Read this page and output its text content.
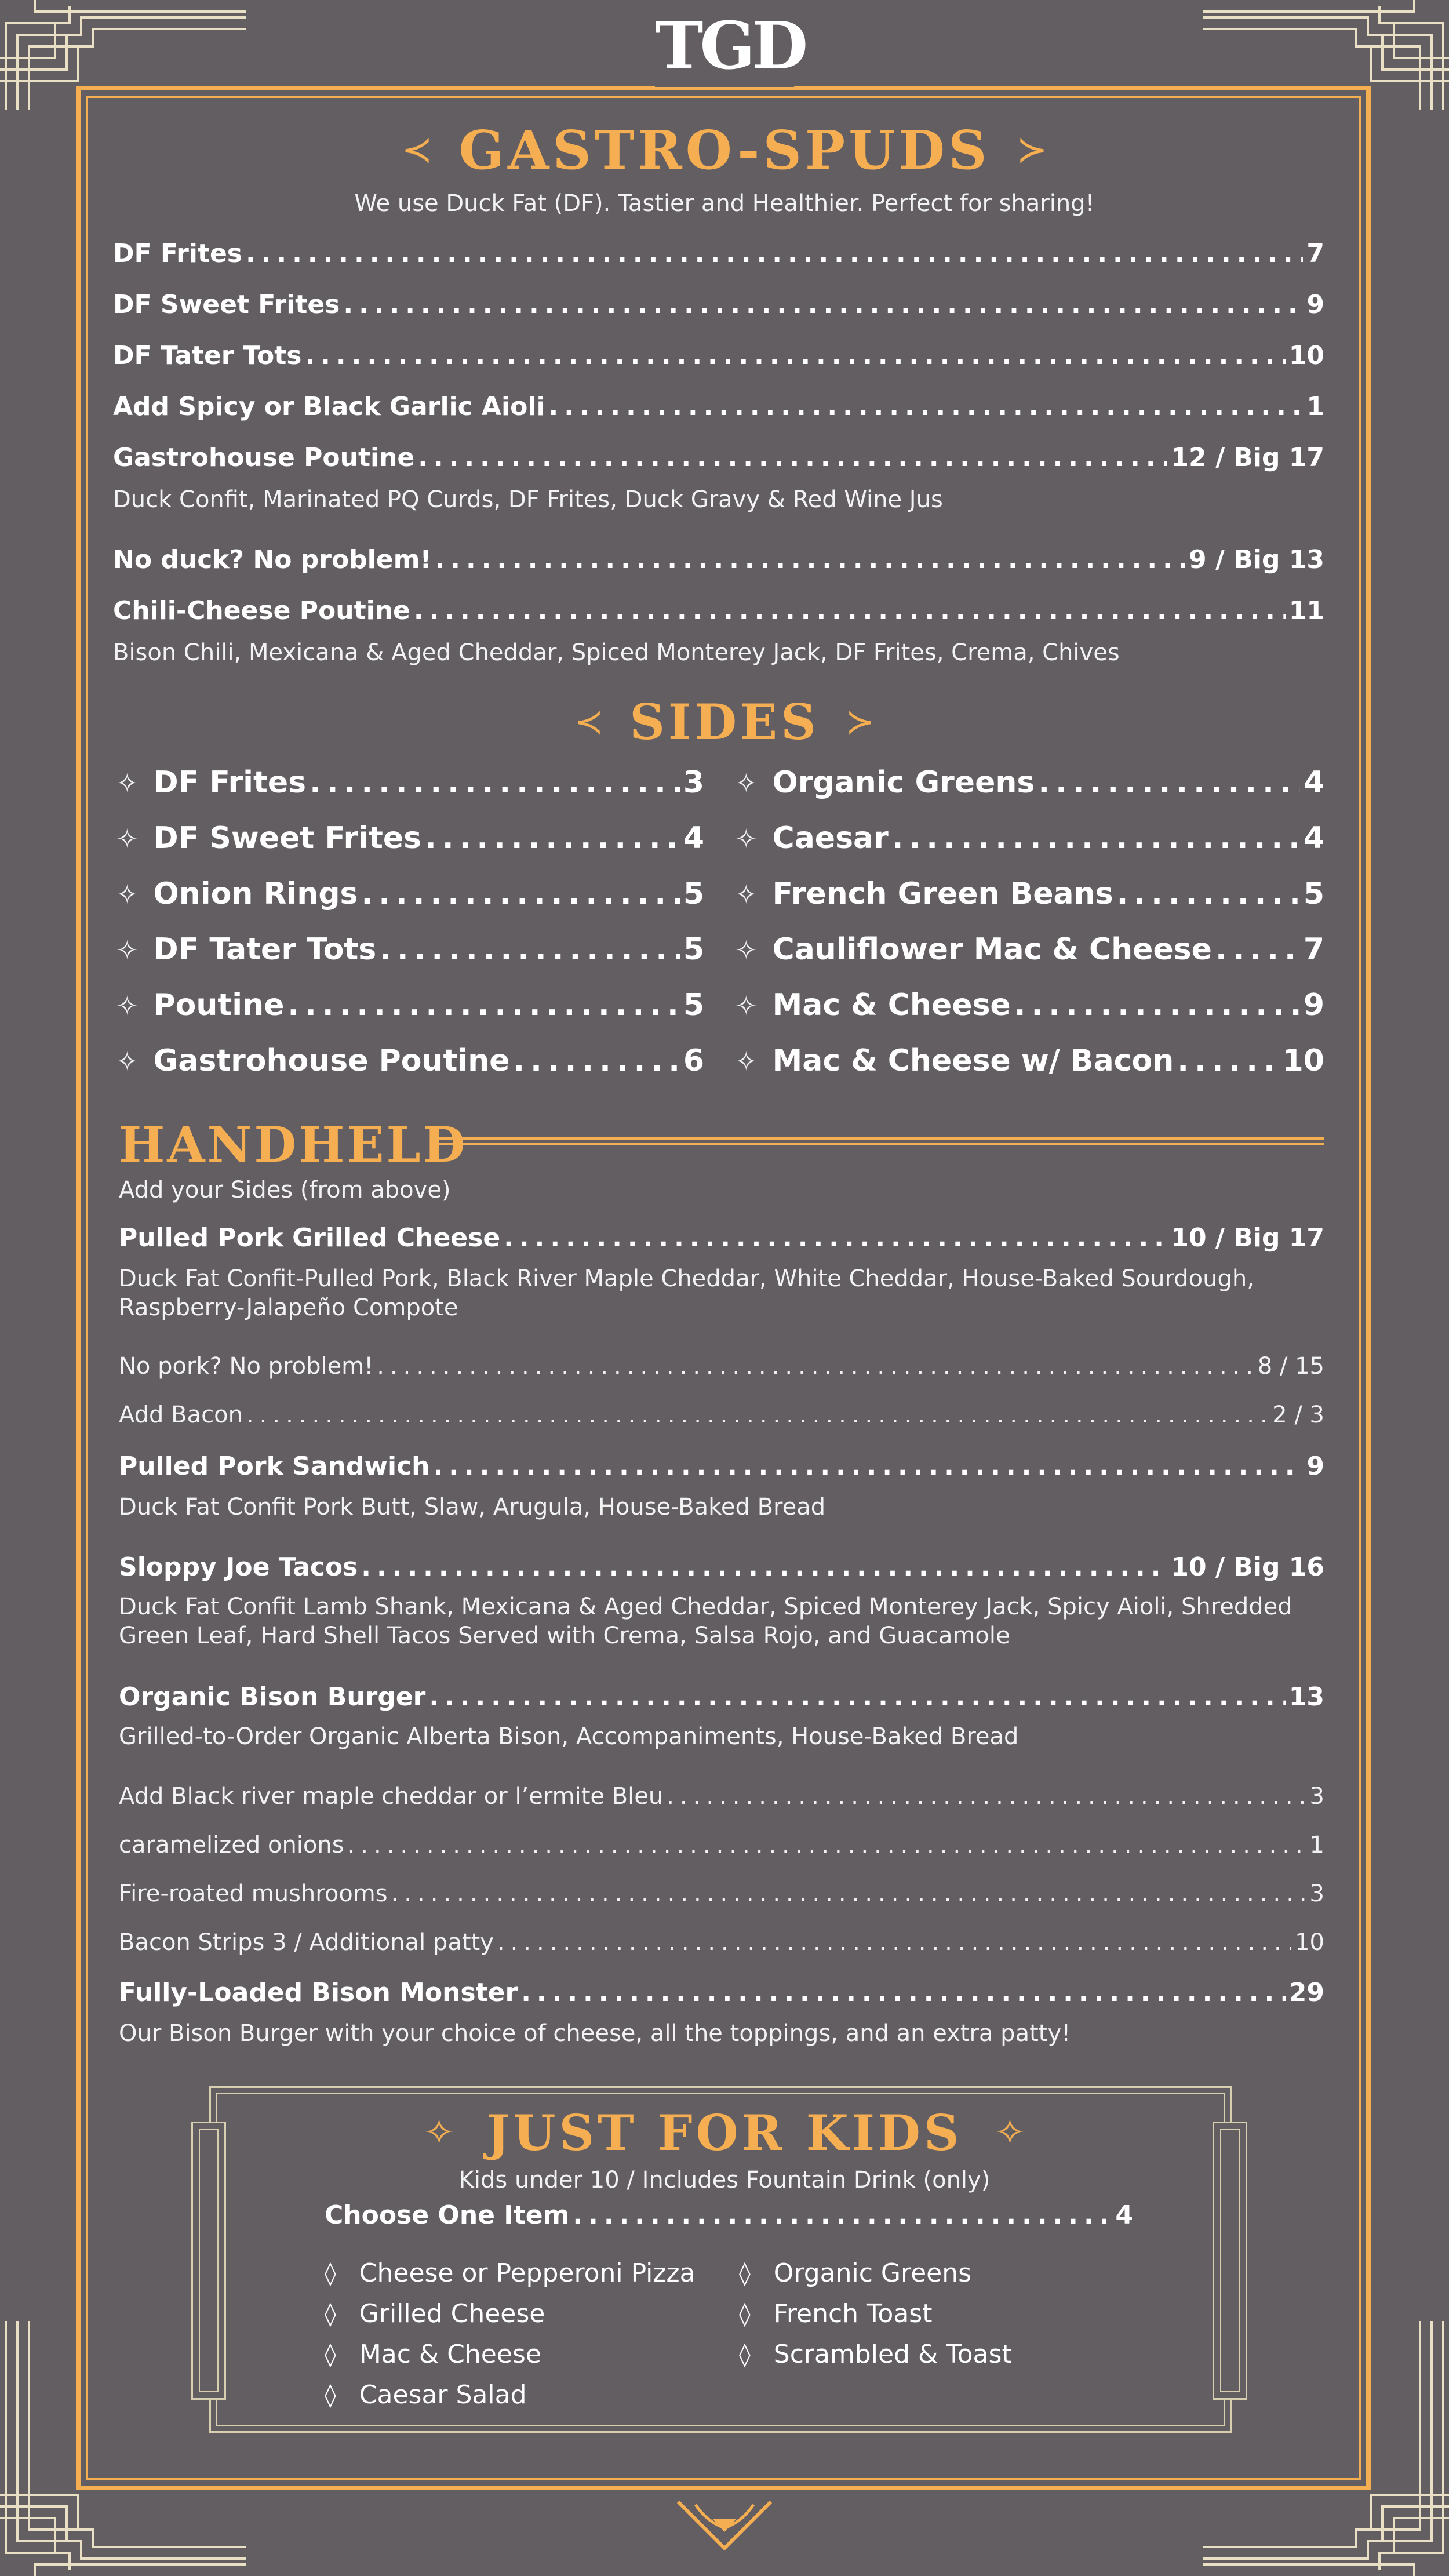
TGD
≺ GASTRO-SPUDS ≻
We use Duck Fat (DF). Tastier and Healthier. Perfect for sharing!
DF Frites .....	7
DF Sweet Frites .....	9
DF Tater Tots .....	10
Add Spicy or Black Garlic Aioli .....	1
Gastrohouse Poutine .....	12 / Big 17
Duck Confit, Marinated PQ Curds, DF Frites, Duck Gravy & Red Wine Jus
No duck? No problem! .....	9 / Big 13
Chili-Cheese Poutine .....	11
Bison Chili, Mexicana & Aged Cheddar, Spiced Monterey Jack, DF Frites, Crema, Chives
≺ SIDES ≻
✧ DF Frites .....	3
✧ DF Sweet Frites .....	4
✧ Onion Rings .....	5
✧ DF Tater Tots .....	5
✧ Poutine .....	5
✧ Gastrohouse Poutine .....	6
✧ Organic Greens .....	4
✧ Caesar .....	4
✧ French Green Beans .....	5
✧ Cauliflower Mac & Cheese .....	7
✧ Mac & Cheese .....	9
✧ Mac & Cheese w/ Bacon .....	10
HANDHELD
Add your Sides (from above)
Pulled Pork Grilled Cheese .....	10 / Big 17
Duck Fat Confit-Pulled Pork, Black River Maple Cheddar, White Cheddar, House-Baked Sourdough,
Raspberry-Jalapeño Compote
No pork? No problem! .....	8 / 15
Add Bacon .....	2 / 3
Pulled Pork Sandwich .....	9
Duck Fat Confit Pork Butt, Slaw, Arugula, House-Baked Bread
Sloppy Joe Tacos .....	10 / Big 16
Duck Fat Confit Lamb Shank, Mexicana & Aged Cheddar, Spiced Monterey Jack, Spicy Aioli, Shredded
Green Leaf, Hard Shell Tacos Served with Crema, Salsa Rojo, and Guacamole
Organic Bison Burger .....	13
Grilled-to-Order Organic Alberta Bison, Accompaniments, House-Baked Bread
Add Black river maple cheddar or l’ermite Bleu .....	3
caramelized onions .....	1
Fire-roated mushrooms .....	3
Bacon Strips 3 / Additional patty .....	10
Fully-Loaded Bison Monster .....	29
Our Bison Burger with your choice of cheese, all the toppings, and an extra patty!
✧ JUST FOR KIDS ✧
Kids under 10 / Includes Fountain Drink (only)
Choose One Item .....	4
◊ Cheese or Pepperoni Pizza
◊ Grilled Cheese
◊ Mac & Cheese
◊ Caesar Salad
◊ Organic Greens
◊ French Toast
◊ Scrambled & Toast
